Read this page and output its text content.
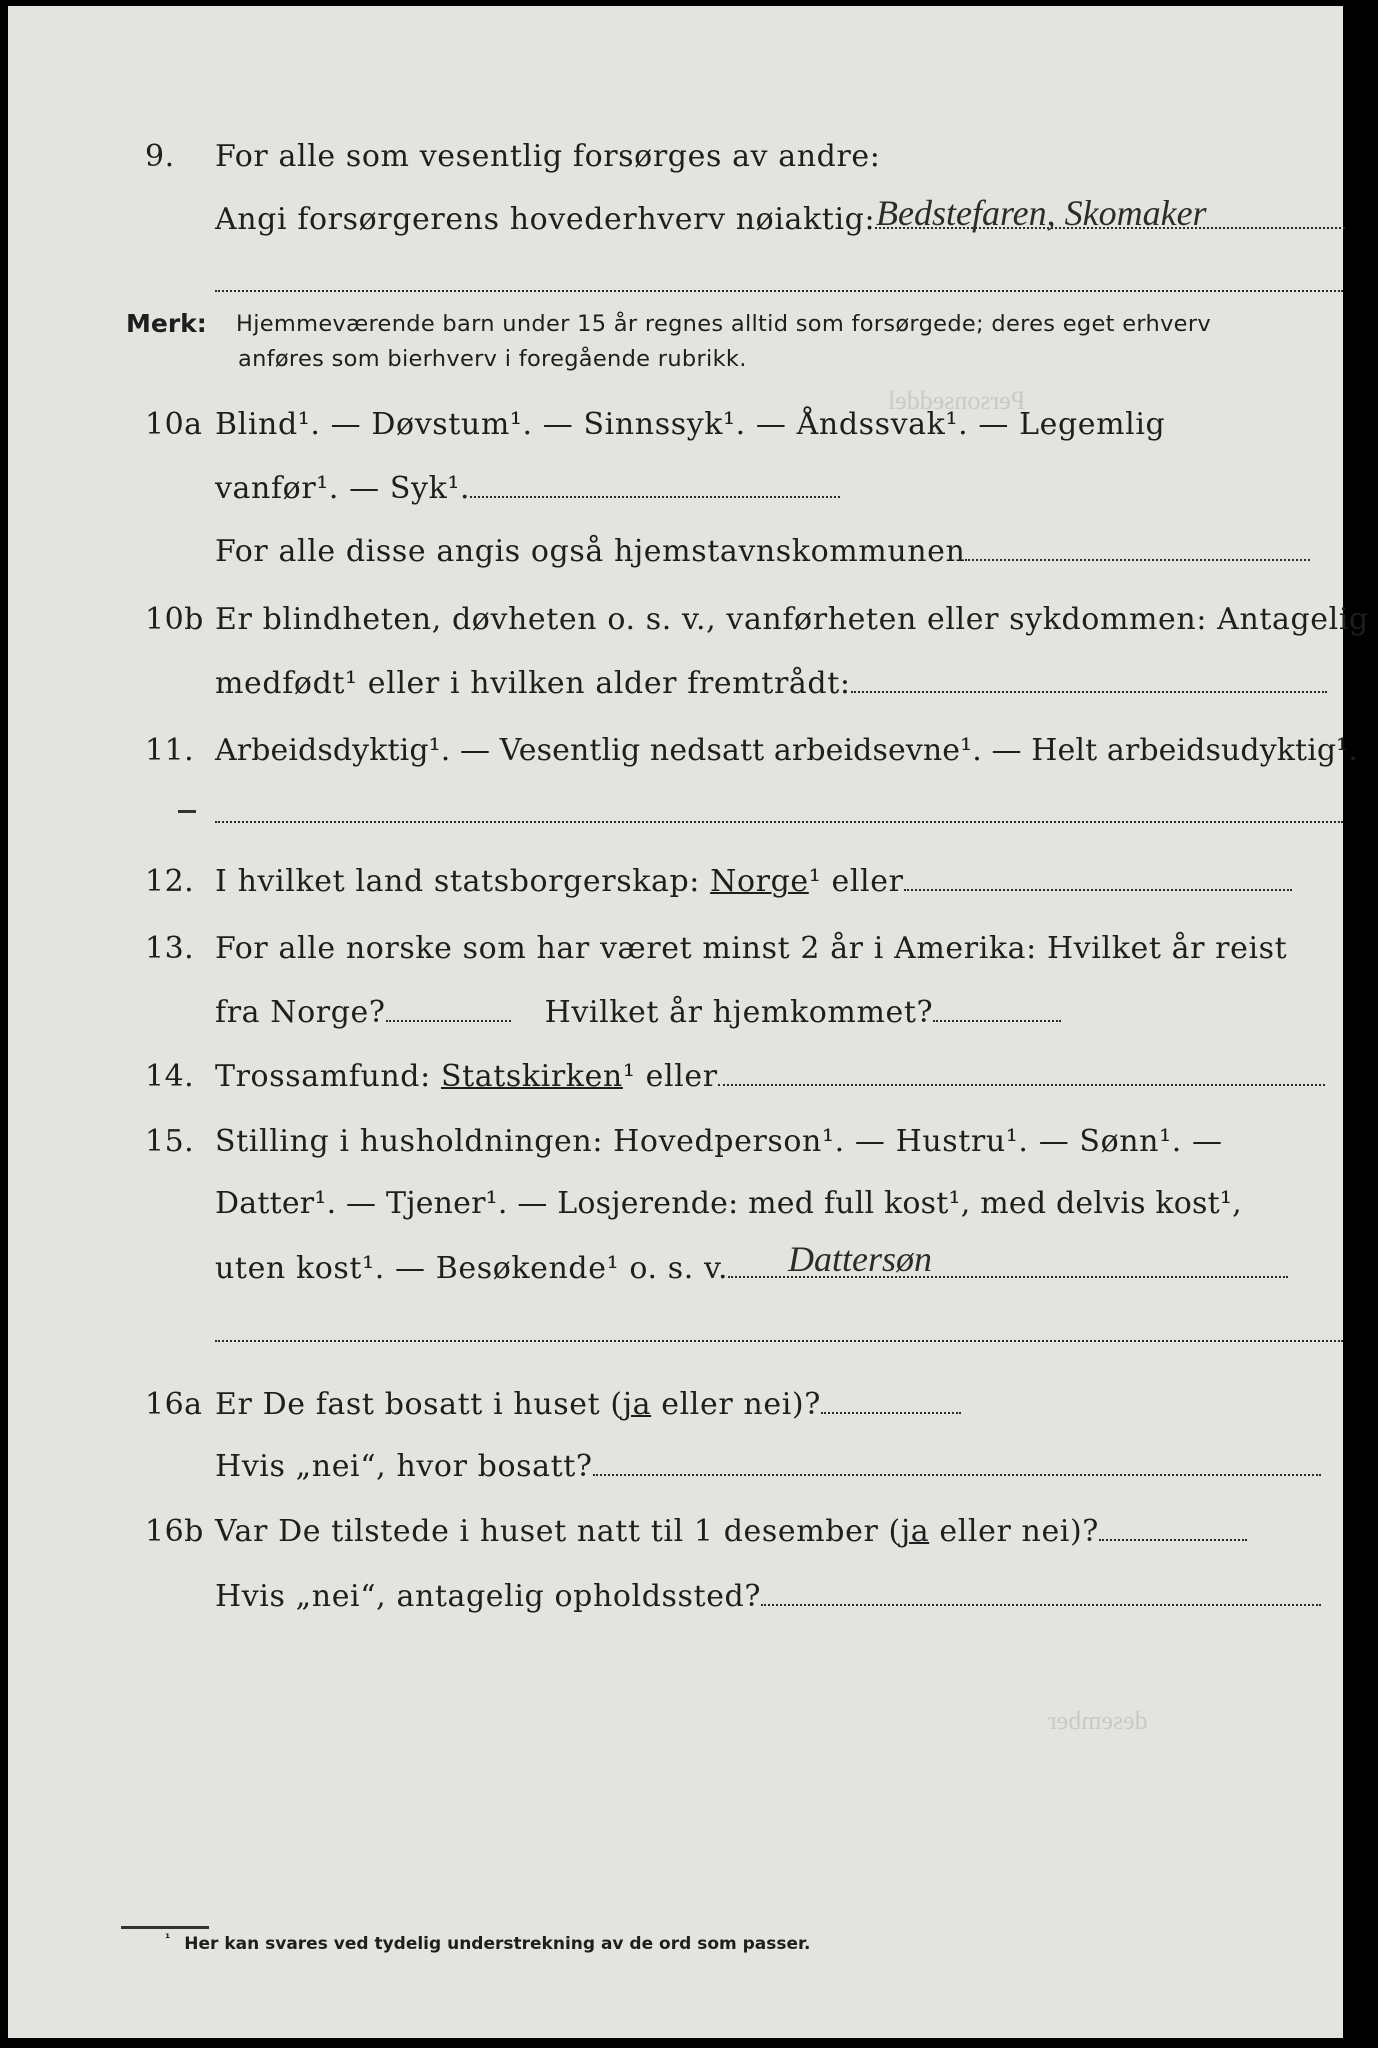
Personseddel
desember
9. For alle som vesentlig forsørges av andre:
Angi forsørgerens hovederhverv nøiaktig: Bedstefaren, Skomaker
Merk: Hjemmeværende barn under 15 år regnes alltid som forsørgede; deres eget erhverv
anføres som bierhverv i foregående rubrikk.
10a Blind¹. — Døvstum¹. — Sinnssyk¹. — Åndssvak¹. — Legemlig
vanfør¹. — Syk¹.
For alle disse angis også hjemstavnskommunen
10b Er blindheten, døvheten o. s. v., vanførheten eller sykdommen: Antagelig
medfødt¹ eller i hvilken alder fremtrådt:
11. Arbeidsdyktig¹. — Vesentlig nedsatt arbeidsevne¹. — Helt arbeidsudyktig¹.
12. I hvilket land statsborgerskap: Norge¹ eller
13. For alle norske som har været minst 2 år i Amerika: Hvilket år reist
fra Norge?	Hvilket år hjemkommet?
14. Trossamfund: Statskirken¹ eller
15. Stilling i husholdningen: Hovedperson¹. — Hustru¹. — Sønn¹. —
Datter¹. — Tjener¹. — Losjerende: med full kost¹, med delvis kost¹,
uten kost¹. — Besøkende¹ o. s. v.	Dattersøn
16a Er De fast bosatt i huset (ja eller nei)?
Hvis „nei“, hvor bosatt?
16b Var De tilstede i huset natt til 1 desember (ja eller nei)?
Hvis „nei“, antagelig opholdssted?
$^{^1}$ Her kan svares ved tydelig understrekning av de ord som passer.
